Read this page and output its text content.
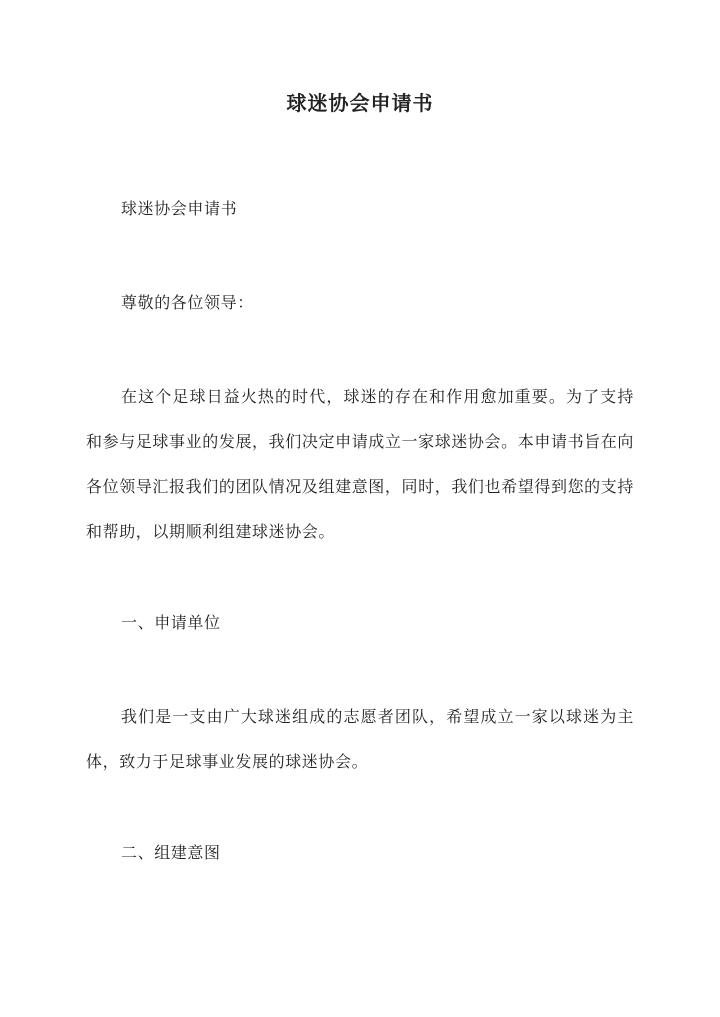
球迷协会申请书
球迷协会申请书
尊敬的各位领导：
在这个足球日益火热的时代，球迷的存在和作用愈加重要。为了支持和参与足球事业的发展，我们决定申请成立一家球迷协会。本申请书旨在向各位领导汇报我们的团队情况及组建意图，同时，我们也希望得到您的支持和帮助，以期顺利组建球迷协会。
一、申请单位
我们是一支由广大球迷组成的志愿者团队，希望成立一家以球迷为主体，致力于足球事业发展的球迷协会。
二、组建意图
